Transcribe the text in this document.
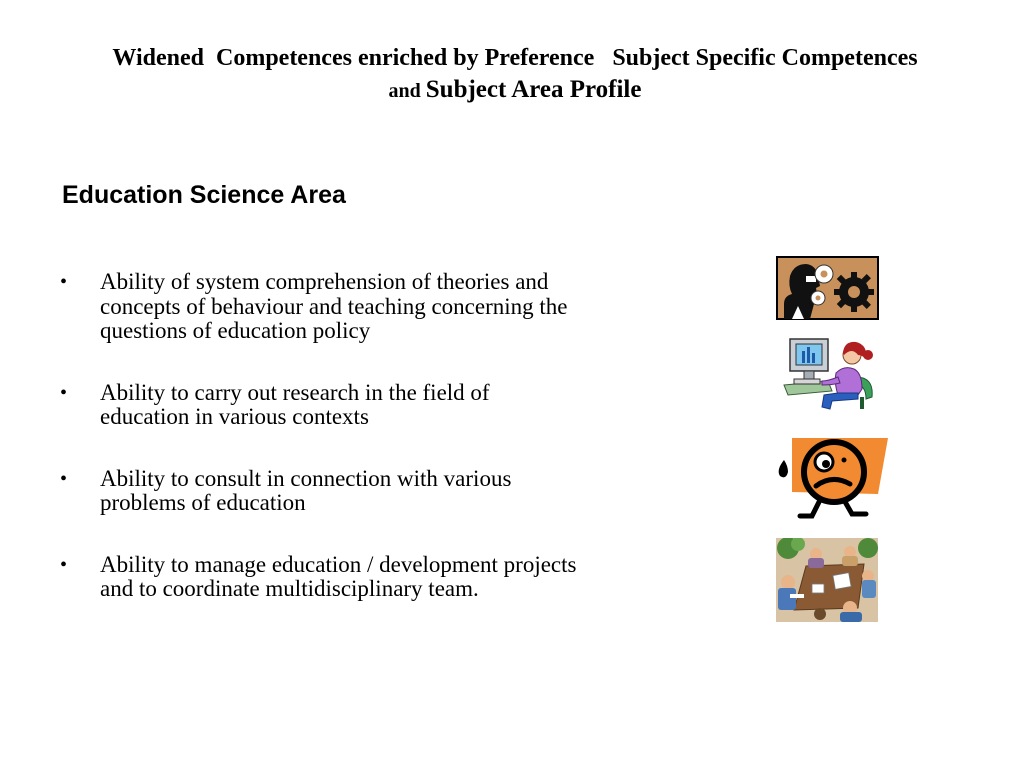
Widened  Competences enriched by Preference   Subject Specific Competences
and Subject Area Profile
Education Science Area
• Ability of system comprehension of theories and concepts of behaviour and teaching concerning the questions of education policy
• Ability to carry out research in the field of education in various contexts
• Ability to consult in connection with various problems of education
• Ability to manage education / development projects and to coordinate multidisciplinary team.
